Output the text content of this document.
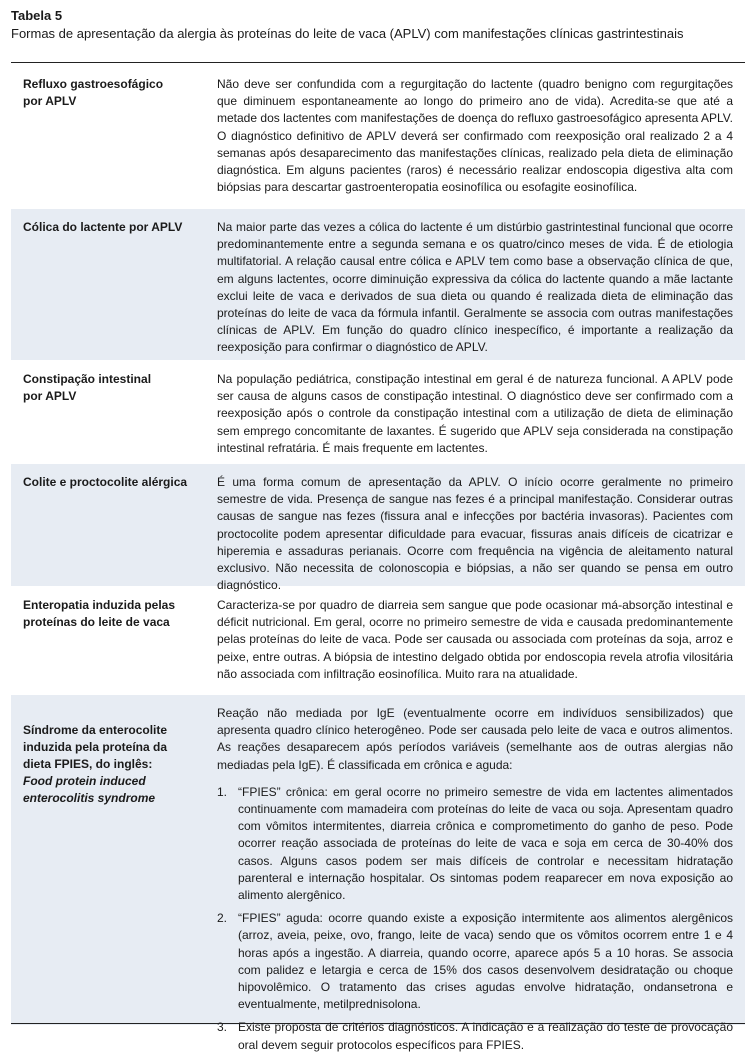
Tabela 5
Formas de apresentação da alergia às proteínas do leite de vaca (APLV) com manifestações clínicas gastrintestinais
Refluxo gastroesofágico
por APLV

Não deve ser confundida com a regurgitação do lactente (quadro benigno com regurgitações que diminuem espontaneamente ao longo do primeiro ano de vida). Acredita-se que até a metade dos lactentes com manifestações de doença do refluxo gastroesofágico apresenta APLV. O diagnóstico definitivo de APLV deverá ser confirmado com reexposição oral realizado 2 a 4 semanas após desaparecimento das manifestações clínicas, realizado pela dieta de eliminação diagnóstica. Em alguns pacientes (raros) é necessário realizar endoscopia digestiva alta com biópsias para descartar gastroenteropatia eosinofílica ou esofagite eosinofílica.

Cólica do lactente por APLV	Na maior parte das vezes a cólica do lactente é um distúrbio gastrintestinal funcional que ocorre predominantemente entre a segunda semana e os quatro/cinco meses de vida. É de etiologia multifatorial. A relação causal entre cólica e APLV tem como base a observação clínica de que, em alguns lactentes, ocorre diminuição expressiva da cólica do lactente quando a mãe lactante exclui leite de vaca e derivados de sua dieta ou quando é realizada dieta de eliminação das proteínas do leite de vaca da fórmula infantil. Geralmente se associa com outras manifestações clínicas de APLV. Em função do quadro clínico inespecífico, é importante a realização da reexposição para confirmar o diagnóstico de APLV.

Constipação intestinal
por APLV

Na população pediátrica, constipação intestinal em geral é de natureza funcional. A APLV pode ser causa de alguns casos de constipação intestinal. O diagnóstico deve ser confirmado com a reexposição após o controle da constipação intestinal com a utilização de dieta de eliminação sem emprego concomitante de laxantes. É sugerido que APLV seja considerada na constipação intestinal refratária. É mais frequente em lactentes.

Colite e proctocolite alérgica	É uma forma comum de apresentação da APLV. O início ocorre geralmente no primeiro semestre de vida. Presença de sangue nas fezes é a principal manifestação. Considerar outras causas de sangue nas fezes (fissura anal e infecções por bactéria invasoras). Pacientes com proctocolite podem apresentar dificuldade para evacuar, fissuras anais difíceis de cicatrizar e hiperemia e assaduras perianais. Ocorre com frequência na vigência de aleitamento natural exclusivo. Não necessita de colonoscopia e biópsias, a não ser quando se pensa em outro diagnóstico.

Enteropatia induzida pelas
proteínas do leite de vaca

Caracteriza-se por quadro de diarreia sem sangue que pode ocasionar má-absorção intestinal e déficit nutricional. Em geral, ocorre no primeiro semestre de vida e causada predominantemente pelas proteínas do leite de vaca. Pode ser causada ou associada com proteínas da soja, arroz e peixe, entre outras. A biópsia de intestino delgado obtida por endoscopia revela atrofia vilositária não associada com infiltração eosinofílica. Muito rara na atualidade.

Síndrome da enterocolite
induzida pela proteína da
dieta FPIES, do inglês:

Food protein induced
enterocolitis syndrome

Reação não mediada por IgE (eventualmente ocorre em indivíduos sensibilizados) que apresenta quadro clínico heterogêneo. Pode ser causada pelo leite de vaca e outros alimentos. As reações desaparecem após períodos variáveis (semelhante aos de outras alergias não mediadas pela IgE). É classificada em crônica e aguda:

1. “FPIES” crônica: em geral ocorre no primeiro semestre de vida em lactentes alimentados continuamente com mamadeira com proteínas do leite de vaca ou soja. Apresentam quadro com vômitos intermitentes, diarreia crônica e comprometimento do ganho de peso. Pode ocorrer reação associada de proteínas do leite de vaca e soja em cerca de 30-40% dos casos. Alguns casos podem ser mais difíceis de controlar e necessitam hidratação parenteral e internação hospitalar. Os sintomas podem reaparecer em nova exposição ao alimento alergênico.
2. “FPIES” aguda: ocorre quando existe a exposição intermitente aos alimentos alergênicos (arroz, aveia, peixe, ovo, frango, leite de vaca) sendo que os vômitos ocorrem entre 1 e 4 horas após a ingestão. A diarreia, quando ocorre, aparece após 5 a 10 horas. Se associa com palidez e letargia e cerca de 15% dos casos desenvolvem desidratação ou choque hipovolêmico. O tratamento das crises agudas envolve hidratação, ondansetrona e eventualmente, metilprednisolona.
3. Existe proposta de critérios diagnósticos. A indicação e a realização do teste de provocação oral devem seguir protocolos específicos para FPIES.
